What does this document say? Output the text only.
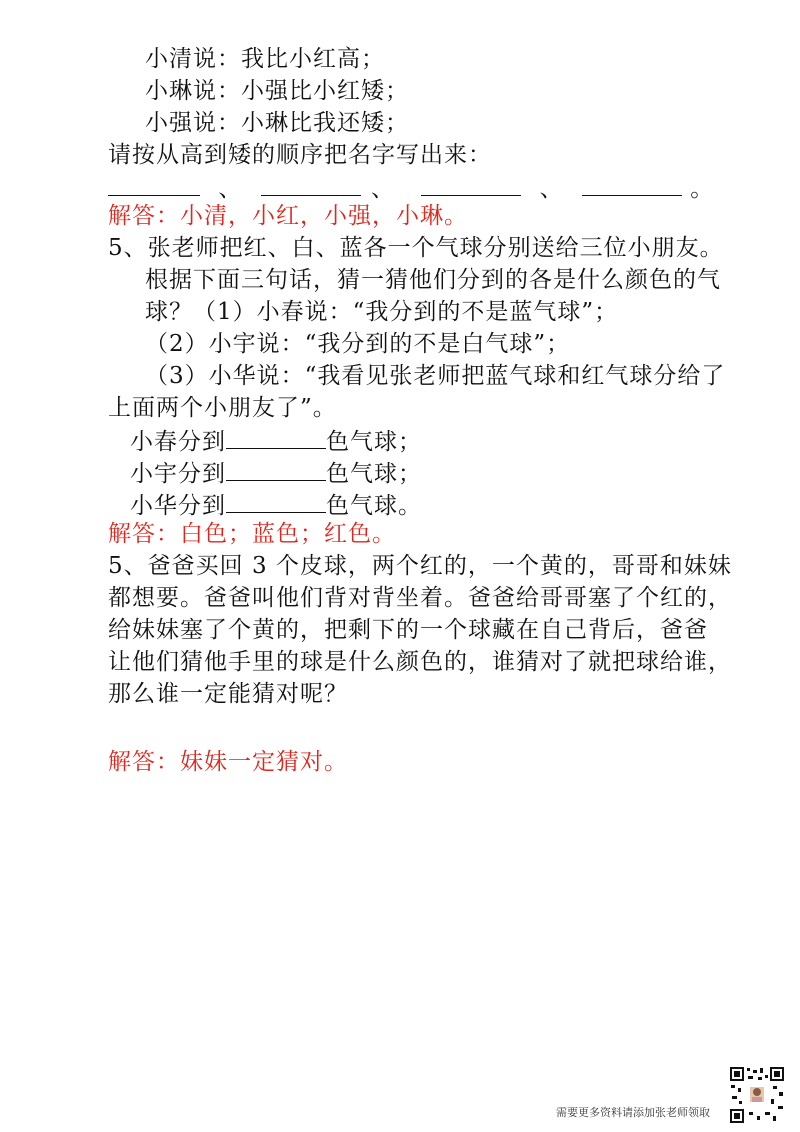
小清说：我比小红高；
小琳说：小强比小红矮；
小强说：小琳比我还矮；
请按从高到矮的顺序把名字写出来：
、	、	、	。
解答：小清，小红，小强，小琳。
5、张老师把红、白、蓝各一个气球分别送给三位小朋友。
根据下面三句话，猜一猜他们分到的各是什么颜色的气
球？（1）小春说：“我分到的不是蓝气球”；
（2）小宇说：“我分到的不是白气球”；
（3）小华说：“我看见张老师把蓝气球和红气球分给了
上面两个小朋友了”。
小春分到	色气球；
小宇分到	色气球；
小华分到	色气球。
解答：白色；蓝色；红色。
5、爸爸买回 3 个皮球，两个红的，一个黄的，哥哥和妹妹
都想要。爸爸叫他们背对背坐着。爸爸给哥哥塞了个红的，
给妹妹塞了个黄的，把剩下的一个球藏在自己背后，爸爸
让他们猜他手里的球是什么颜色的，谁猜对了就把球给谁，
那么谁一定能猜对呢？
解答：妹妹一定猜对。
需要更多资料请添加张老师领取
